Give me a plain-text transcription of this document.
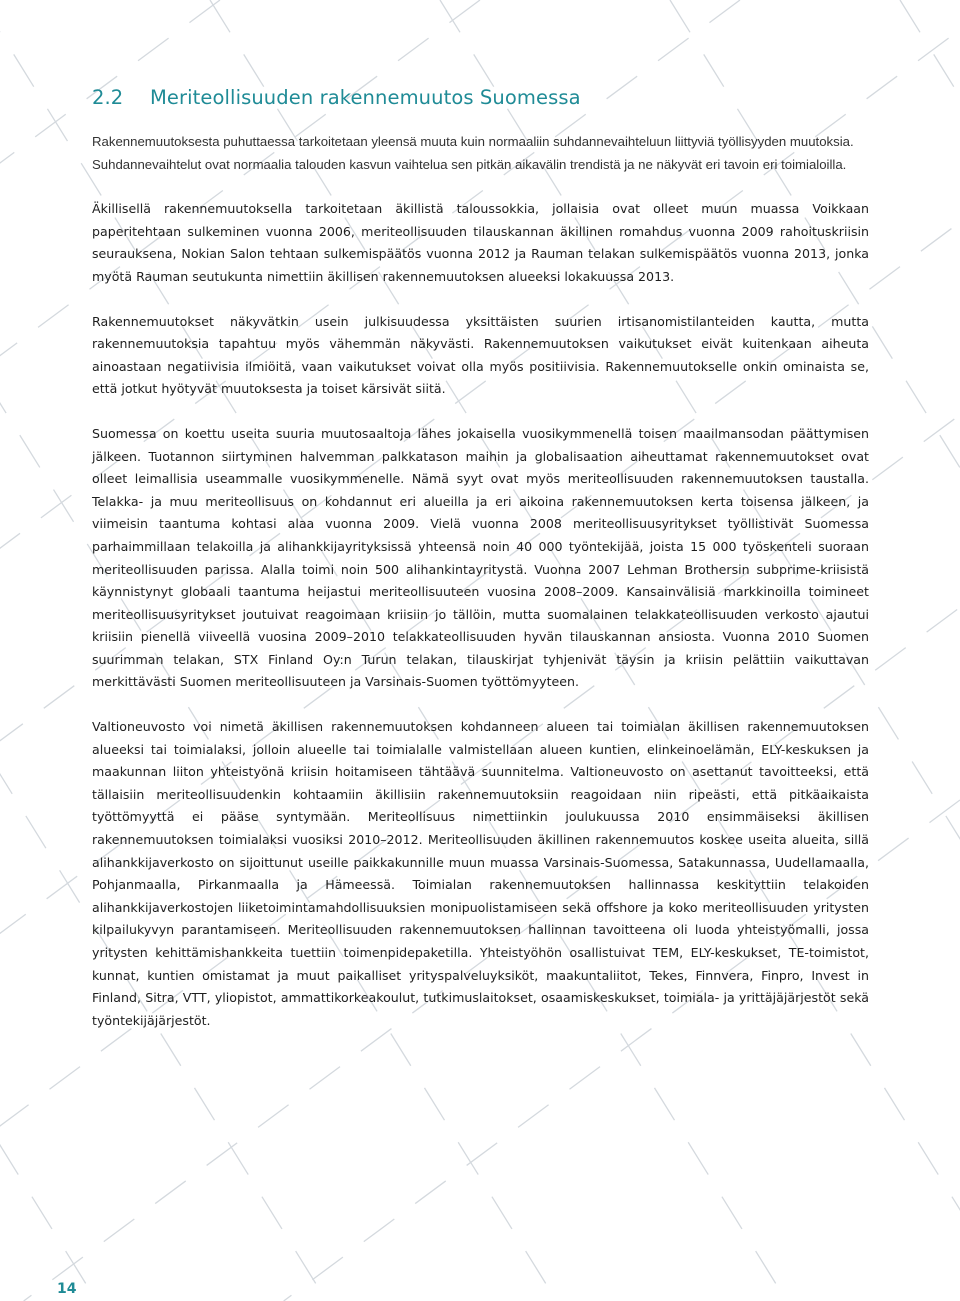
2.2	Meriteollisuuden rakennemuutos Suomessa

Rakennemuutoksesta puhuttaessa tarkoitetaan yleensä muuta kuin normaaliin suhdannevaihteluun liittyviä työllisyyden muutoksia. Suhdannevaihtelut ovat normaalia talouden kasvun vaihtelua sen pitkän aikavälin trendistä ja ne näkyvät eri tavoin eri toimialoilla.

Äkillisellä rakennemuutoksella tarkoitetaan äkillistä taloussokkia, jollaisia ovat olleet muun muassa Voikkaan paperitehtaan sulkeminen vuonna 2006, meriteollisuuden tilauskannan äkillinen romahdus vuonna 2009 rahoituskriisin seurauksena, Nokian Salon tehtaan sulkemispäätös vuonna 2012 ja Rauman telakan sulkemispäätös vuonna 2013, jonka myötä Rauman seutukunta nimettiin äkillisen rakennemuutoksen alueeksi lokakuussa 2013.

Rakennemuutokset näkyvätkin usein julkisuudessa yksittäisten suurien irtisanomistilanteiden kautta, mutta rakennemuutoksia tapahtuu myös vähemmän näkyvästi. Rakennemuutoksen vaikutukset eivät kuitenkaan aiheuta ainoastaan negatiivisia ilmiöitä, vaan vaikutukset voivat olla myös positiivisia. Rakennemuutokselle onkin ominaista se, että jotkut hyötyvät muutoksesta ja toiset kärsivät siitä.

Suomessa on koettu useita suuria muutosaaltoja lähes jokaisella vuosikymmenellä toisen maailmansodan päättymisen jälkeen. Tuotannon siirtyminen halvemman palkkatason maihin ja globalisaation aiheuttamat rakennemuutokset ovat olleet leimallisia useammalle vuosikymmenelle. Nämä syyt ovat myös meriteollisuuden rakennemuutoksen taustalla. Telakka- ja muu meriteollisuus on kohdannut eri alueilla ja eri aikoina rakennemuutoksen kerta toisensa jälkeen, ja viimeisin taantuma kohtasi alaa vuonna 2009. Vielä vuonna 2008 meriteollisuusyritykset työllistivät Suomessa parhaimmillaan telakoilla ja alihankkijayrityksissä yhteensä noin 40 000 työntekijää, joista 15 000 työskenteli suoraan meriteollisuuden parissa. Alalla toimi noin 500 alihankintayritystä. Vuonna 2007 Lehman Brothersin subprime-kriisistä käynnistynyt globaali taantuma heijastui meriteollisuuteen vuosina 2008–2009. Kansainvälisiä markkinoilla toimineet meriteollisuusyritykset joutuivat reagoimaan kriisiin jo tällöin, mutta suomalainen telakkateollisuuden verkosto ajautui kriisiin pienellä viiveellä vuosina 2009–2010 telakkateollisuuden hyvän tilauskannan ansiosta. Vuonna 2010 Suomen suurimman telakan, STX Finland Oy:n Turun telakan, tilauskirjat tyhjenivät täysin ja kriisin pelättiin vaikuttavan merkittävästi Suomen meriteollisuuteen ja Varsinais-Suomen työttömyyteen.

Valtioneuvosto voi nimetä äkillisen rakennemuutoksen kohdanneen alueen tai toimialan äkillisen rakennemuutoksen alueeksi tai toimialaksi, jolloin alueelle tai toimialalle valmistellaan alueen kuntien, elinkeinoelämän, ELY-keskuksen ja maakunnan liiton yhteistyönä kriisin hoitamiseen tähtäävä suunnitelma. Valtioneuvosto on asettanut tavoitteeksi, että tällaisiin meriteollisuudenkin kohtaamiin äkillisiin rakennemuutoksiin reagoidaan niin ripeästi, että pitkäaikaista työttömyyttä ei pääse syntymään. Meriteollisuus nimettiinkin joulukuussa 2010 ensimmäiseksi äkillisen rakennemuutoksen toimialaksi vuosiksi 2010–2012. Meriteollisuuden äkillinen rakennemuutos koskee useita alueita, sillä alihankkijaverkosto on sijoittunut useille paikkakunnille muun muassa Varsinais-Suomessa, Satakunnassa, Uudellamaalla, Pohjanmaalla, Pirkanmaalla ja Hämeessä. Toimialan rakennemuutoksen hallinnassa keskityttiin telakoiden alihankkijaverkostojen liiketoimintamahdollisuuksien monipuolistamiseen sekä offshore ja koko meriteollisuuden yritysten kilpailukyvyn parantamiseen. Meriteollisuuden rakennemuutoksen hallinnan tavoitteena oli luoda yhteistyömalli, jossa yritysten kehittämishankkeita tuettiin toimenpidepaketilla. Yhteistyöhön osallistuivat TEM, ELY-keskukset, TE-toimistot, kunnat, kuntien omistamat ja muut paikalliset yrityspalveluyksiköt, maakuntaliitot, Tekes, Finnvera, Finpro, Invest in Finland, Sitra, VTT, yliopistot, ammattikorkeakoulut, tutkimuslaitokset, osaamiskeskukset, toimiala- ja yrittäjäjärjestöt sekä työntekijäjärjestöt.

14
